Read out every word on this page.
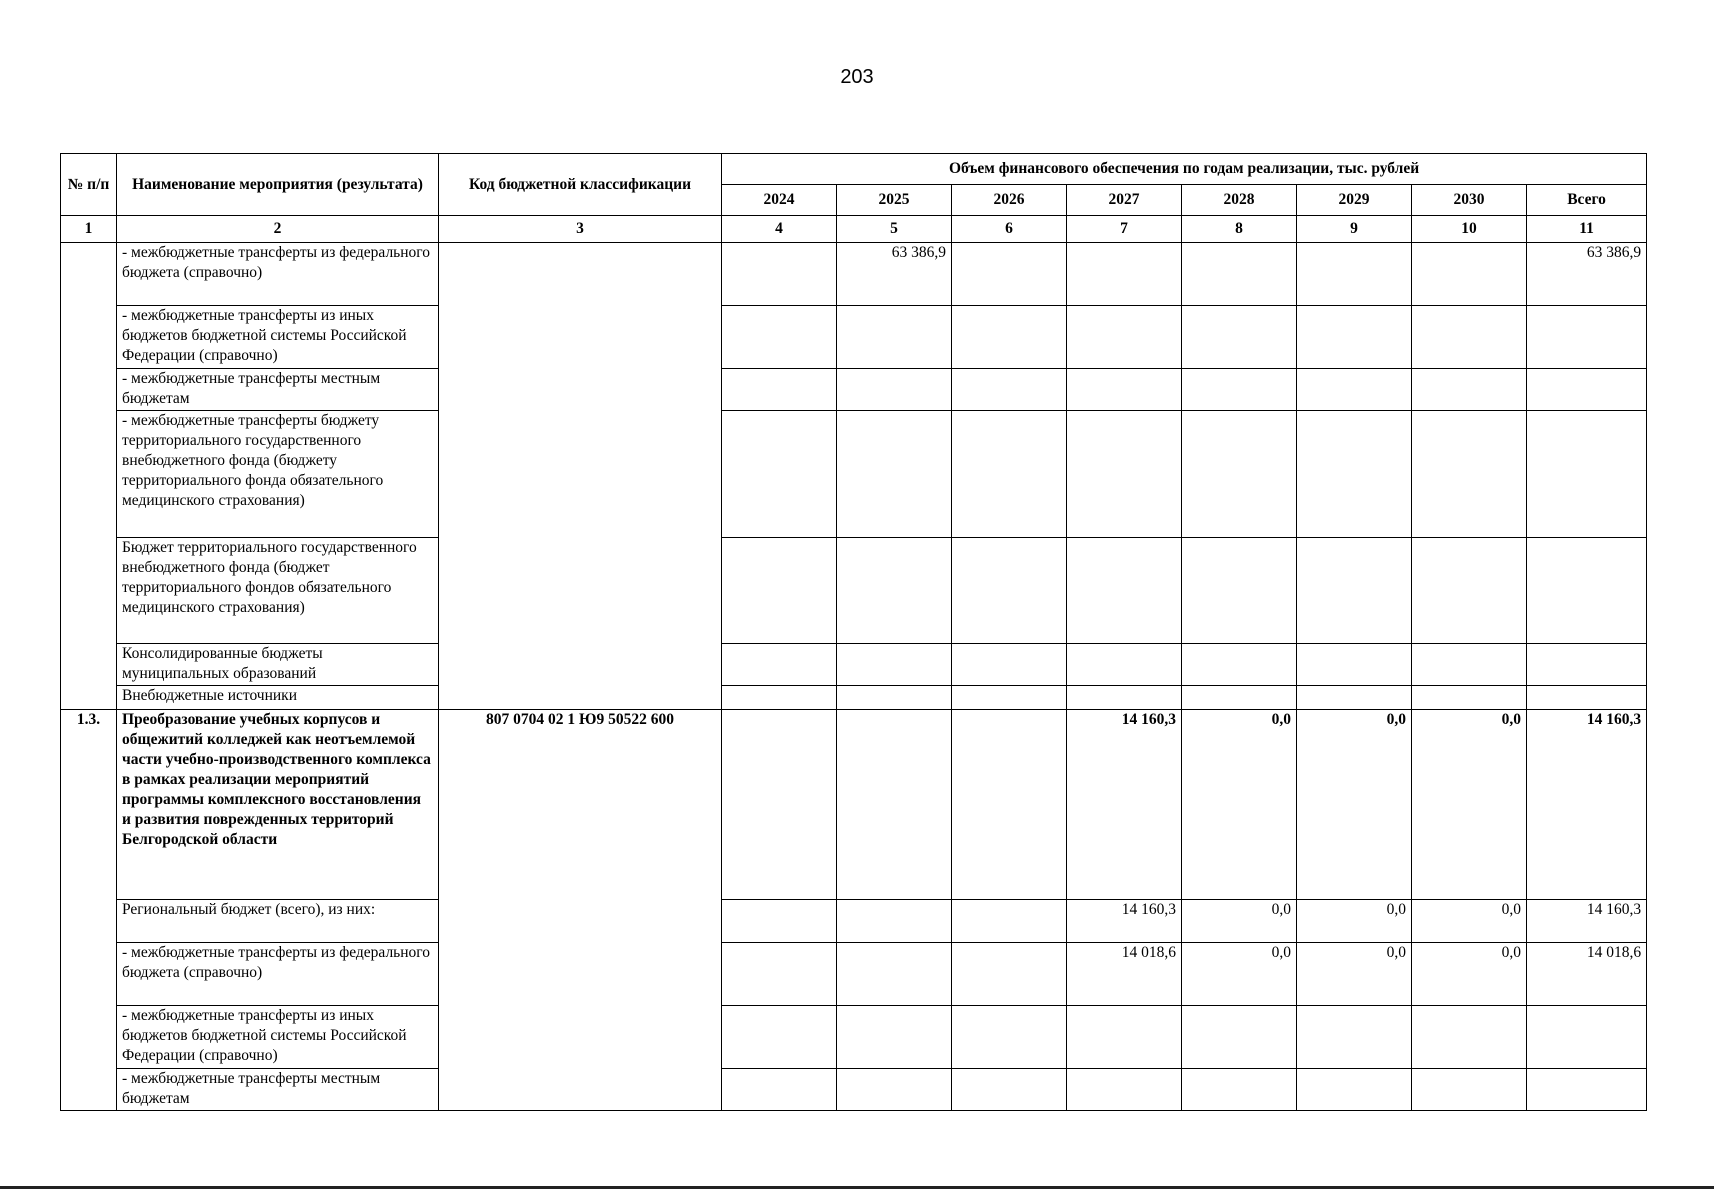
203
№ п/п	Наименование мероприятия (результата)	Код бюджетной классификации	Объем финансового обеспечения по годам реализации, тыс. рублей							
			2024	2025	2026	2027	2028	2029	2030	Всего
1	2	3	4	5	6	7	8	9	10	11
	- межбюджетные трансферты из федерального бюджета (справочно)			63 386,9						63 386,9
	- межбюджетные трансферты из иных бюджетов бюджетной системы Российской Федерации (справочно)									
	- межбюджетные трансферты местным бюджетам									
	- межбюджетные трансферты бюджету территориального государственного внебюджетного фонда (бюджету территориального фонда обязательного медицинского страхования)									
	Бюджет территориального государственного внебюджетного фонда (бюджет территориального фондов обязательного медицинского страхования)									
	Консолидированные бюджеты муниципальных образований									
	Внебюджетные источники									
1.3.	Преобразование учебных корпусов и общежитий колледжей как неотъемлемой части учебно-производственного комплекса в рамках реализации мероприятий программы комплексного восстановления и развития поврежденных территорий Белгородской области	807 0704 02 1 Ю9 50522 600				14 160,3	0,0	0,0	0,0	14 160,3
	Региональный бюджет (всего), из них:					14 160,3	0,0	0,0	0,0	14 160,3
	- межбюджетные трансферты из федерального бюджета (справочно)					14 018,6	0,0	0,0	0,0	14 018,6
	- межбюджетные трансферты из иных бюджетов бюджетной системы Российской Федерации (справочно)									
	- межбюджетные трансферты местным бюджетам									
